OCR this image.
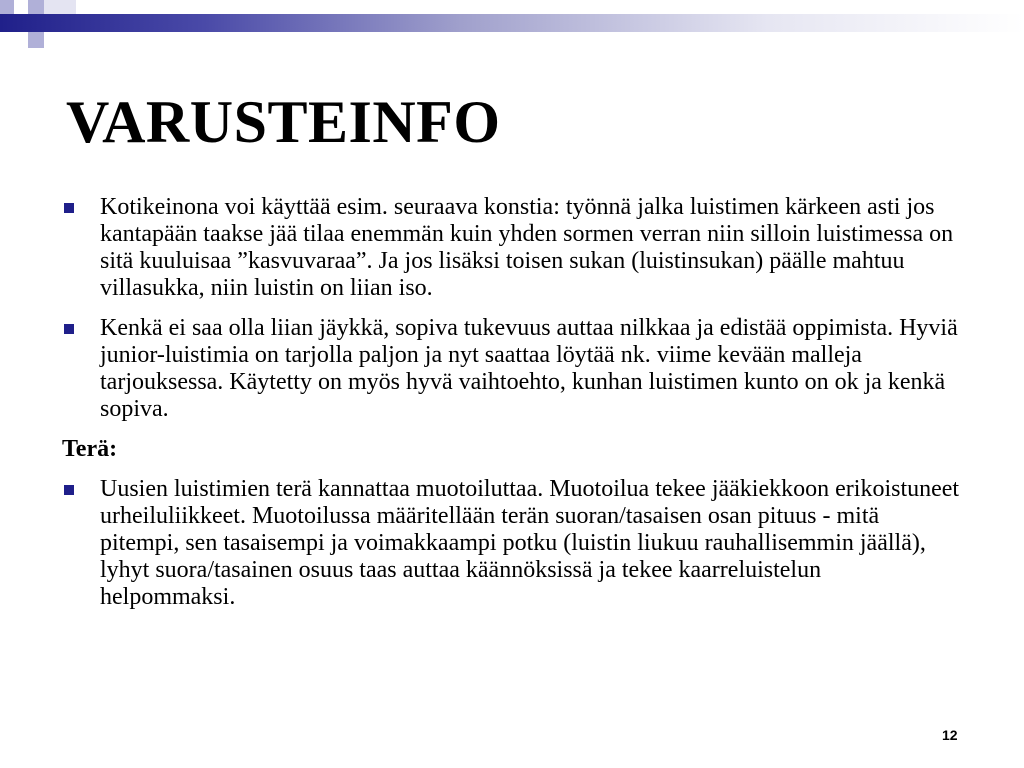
VARUSTEINFO
Kotikeinona voi käyttää esim. seuraava konstia: työnnä jalka luistimen kärkeen asti jos kantapään taakse jää tilaa enemmän kuin yhden sormen verran niin silloin luistimessa on sitä kuuluisaa ”kasvuvaraa”. Ja jos lisäksi toisen sukan (luistinsukan) päälle mahtuu villasukka, niin luistin on liian iso.
Kenkä ei saa olla liian jäykkä, sopiva tukevuus auttaa nilkkaa ja edistää oppimista. Hyviä junior-luistimia on tarjolla paljon ja nyt saattaa löytää nk. viime kevään malleja tarjouksessa. Käytetty on myös hyvä vaihtoehto, kunhan luistimen kunto on ok ja kenkä sopiva.
Terä:
Uusien luistimien terä kannattaa muotoiluttaa. Muotoilua tekee jääkiekkoon erikoistuneet urheiluliikkeet. Muotoilussa määritellään terän suoran/tasaisen osan pituus - mitä pitempi, sen tasaisempi ja voimakkaampi potku (luistin liukuu rauhallisemmin jäällä), lyhyt suora/tasainen osuus taas auttaa käännöksissä ja tekee kaarreluistelun helpommaksi.
12
